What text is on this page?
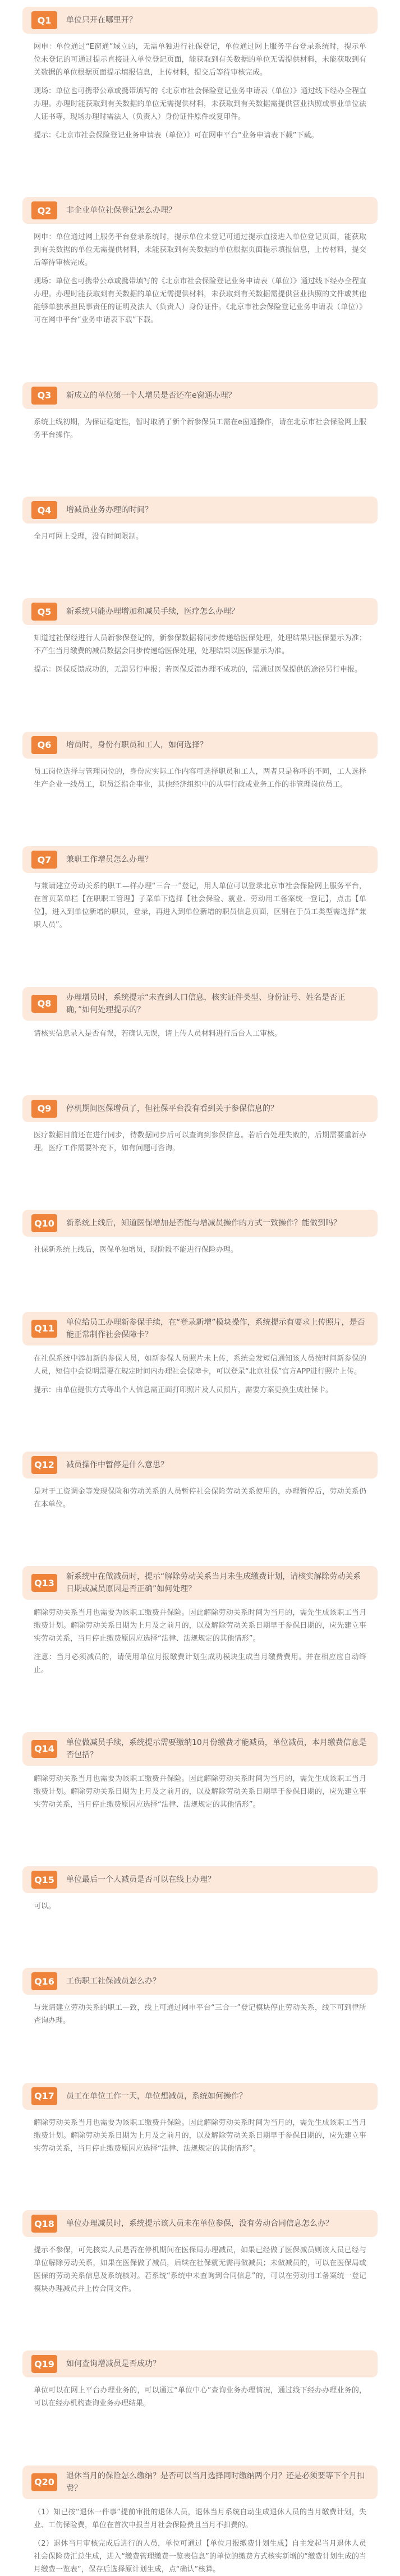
Q1	单位只开在哪里开？

网申：单位通过“E窗通”域立的，无需单独进行社保登记，单位通过网上服务平台登录系统时，提示单位未登记的可通过提示直接进入单位登记页面，能获取到有关数据的单位无需提供材料，未能获取到有关数据的单位根据页面提示填报信息，上传材料，提交后等待审核完成。

现场：单位也可携带公章或携带填写的《北京市社会保险登记业务申请表（单位）》通过线下经办全程直办理。办理时能获取到有关数据的单位无需提供材料，未获取到有关数据需提供营业执照或事业单位法人证书等，现场办理时需法人（负责人）身份证件原件或复印件。

提示：《北京市社会保险登记业务申请表（单位）》可在网申平台“业务申请表下载”下载。

Q2	非企业单位社保登记怎么办理？

网申：单位通过网上服务平台登录系统时，提示单位未登记可通过提示直接进入单位登记页面，能获取到有关数据的单位无需提供材料，未能获取到有关数据的单位根据页面提示填报信息，上传材料，提交后等待审核完成。

现场：单位也可携带公章或携带填写的《北京市社会保险登记业务申请表（单位）》通过线下经办全程直办理。办理时能获取到有关数据的单位无需提供材料，未获取到有关数据需提供营业执照的文件或其他能够单独承担民事责任的证明及法人（负责人）身份证件。《北京市社会保险登记业务申请表（单位）》可在网申平台“业务申请表下载”下载。

Q3	新成立的单位第一个人增员是否还在e窗通办理？

系统上线初期，为保证稳定性，暂时取消了新个新参保员工需在e窗通操作，请在北京市社会保险网上服务平台操作。

Q4	增减员业务办理的时间？

全月可网上受理，没有时间限制。

Q5	新系统只能办理增加和减员手续，医疗怎么办理？

知道过社保经进行人员新参保登记的，新参保数据将同步传递给医保处理，处理结果只医保显示为准；不产生当月缴费的减员数据会同步传递给医保处理，处理结果以医保显示为准。

提示：医保反馈成功的，无需另行申报；若医保反馈办理不成功的，需通过医保提供的途径另行申报。

Q6	增员时，身份有职员和工人，如何选择？

员工岗位选择与管理岗位的，身份应实际工作内容可选择职员和工人，两者只是称呼的不同，工人选择生产企业一线员工，职员泛指企事业，其他经济组织中的从事行政或业务工作的非管理岗位员工。

Q7	兼职工作增员怎么办理？

与兼请建立劳动关系的职工—样办理“三合一”登记，用人单位可以登录北京市社会保险网上服务平台，在首页菜单栏【在职职工管理】子菜单下选择【社会保险、就业、劳动用工备案统一登记】，点击【单位】，进入到单位新增的职员，登录，再进入到单位新增的职员信息页面，区别在于员工类型需选择“兼职人员”。

Q8
办理增员时，系统提示“未查到人口信息，核实证件类型、身份证号、姓名是否正确，”如何处理提示的？

请核实信息录入是否有误，若确认无误，请上传人员材料进行后台人工审核。

Q9	停机期间医保增员了，但社保平台没有看到关于参保信息的？

医疗数据目前还在进行同步，待数据同步后可以查询到参保信息。若后台处理失败的，后期需要重新办理。医疗工作需要补充下，如有问题可咨询。

Q10	新系统上线后，知道医保增加是否能与增减员操作的方式一致操作？能做到吗？

社保新系统上线后，医保单独增员，现阶段不能进行保险办理。

Q11
单位给员工办理新参保手续，在“登录新增”模块操作，系统提示有要求上传照片，是否能正常制作社会保障卡？

在社保系统中添加新的参保人员，如新参保人员照片未上传，系统会发短信通知该人员按时间新参保的人员，短信中会说明需要在规定时间内办理社会保障卡，可以登录“北京社保”官方APP进行照片上传。

提示：由单位提供方式等出个人信息需正面打印照片及人员照片，需要方案更换生成社保卡。

Q12	减员操作中暂停是什么意思？

是对于工资调金等发现保险和劳动关系的人员暂停社会保险劳动关系使用的，办理暂停后，劳动关系仍在本单位。

Q13
新系统中在做减员时，提示“解除劳动关系当月未生成缴费计划，请核实解除劳动关系日期或减员原因是否正确”如何处理？

解除劳动关系当月也需要为该职工缴费并保险。因此解除劳动关系时间为当月的，需先生成该职工当月缴费计划。解除劳动关系日期为上月及之前月的，以及解除劳动关系日期早于参保日期的，应先建立事实劳动关系，当月停止缴费原因应选择“法律、法规规定的其他情形”。

注意：当月必须减员的，请使用单位月报缴费计划生成功模块生成当月缴费费用。并在相应应自动终止。

Q14
单位做减员手续，系统提示需要缴纳10月份缴费才能减员，单位减员，本月缴费信息是否包括？

解除劳动关系当月也需要为该职工缴费并保险。因此解除劳动关系时间为当月的，需先生成该职工当月缴费计划。解除劳动关系日期为上月及之前月的，以及解除劳动关系日期早于参保日期的，应先建立事实劳动关系，当月停止缴费原因应选择“法律、法规规定的其他情形”。

Q15	单位最后一个人减员是否可以在线上办理？

可以。

Q16	工伤职工社保减员怎么办？

与兼请建立劳动关系的职工—致，线上可通过网申平台“三合一”登记模块停止劳动关系，线下可到律所查询办理。

Q17	员工在单位工作一天，单位想减员，系统如何操作？

解除劳动关系当月也需要为该职工缴费并保险。因此解除劳动关系时间为当月的，需先生成该职工当月缴费计划。解除劳动关系日期为上月及之前月的，以及解除劳动关系日期早于参保日期的，应先建立事实劳动关系，当月停止缴费原因应选择“法律、法规规定的其他情形”。

Q18	单位办理减员时，系统提示该人员未在单位参保，没有劳动合同信息怎么办？

提示不参保，可先核实人员是否在停机期间在医保局办理减员，如果已经做了医保减员则该人员已经与单位解除劳动关系，如果在医保做了减员，后续在社保就无需再做减员；未做减员的，可以在医保局或医保的劳动关系信息及系统核对。若系统“系统中未查询到合同信息”的，可以在劳动用工备案统一登记模块办理减员并上传合同文件。

Q19	如何查询增减员是否成功？

单位可以在网上平台办理业务的，可以通过“单位中心”查询业务办理情况，通过线下经办办理业务的，可以在经办机构查询业务办理结果。

Q20
退休当月的保险怎么缴纳？是否可以当月选择同时缴纳两个月？还是必须要等下个月扣费？

（1）知已按“退休一件事”提前审批的退休人员，退休当月系统自动生成退休人员的当月缴费计划，失业、工伤保险费，单位在首次申报当月社会保险费且当月不扣费的。

（2）退休当月审核完成后进行的人员，单位可通过【单位月报缴费计划生成】自主发起当月退休人员社会保险费汇总生成，进入“缴费管理缴费一览表信息”的单位的缴费方式核实新增的“缴费计划生成的当月缴费一览表”，保存后选择原计划生成，点“确认”核算。
